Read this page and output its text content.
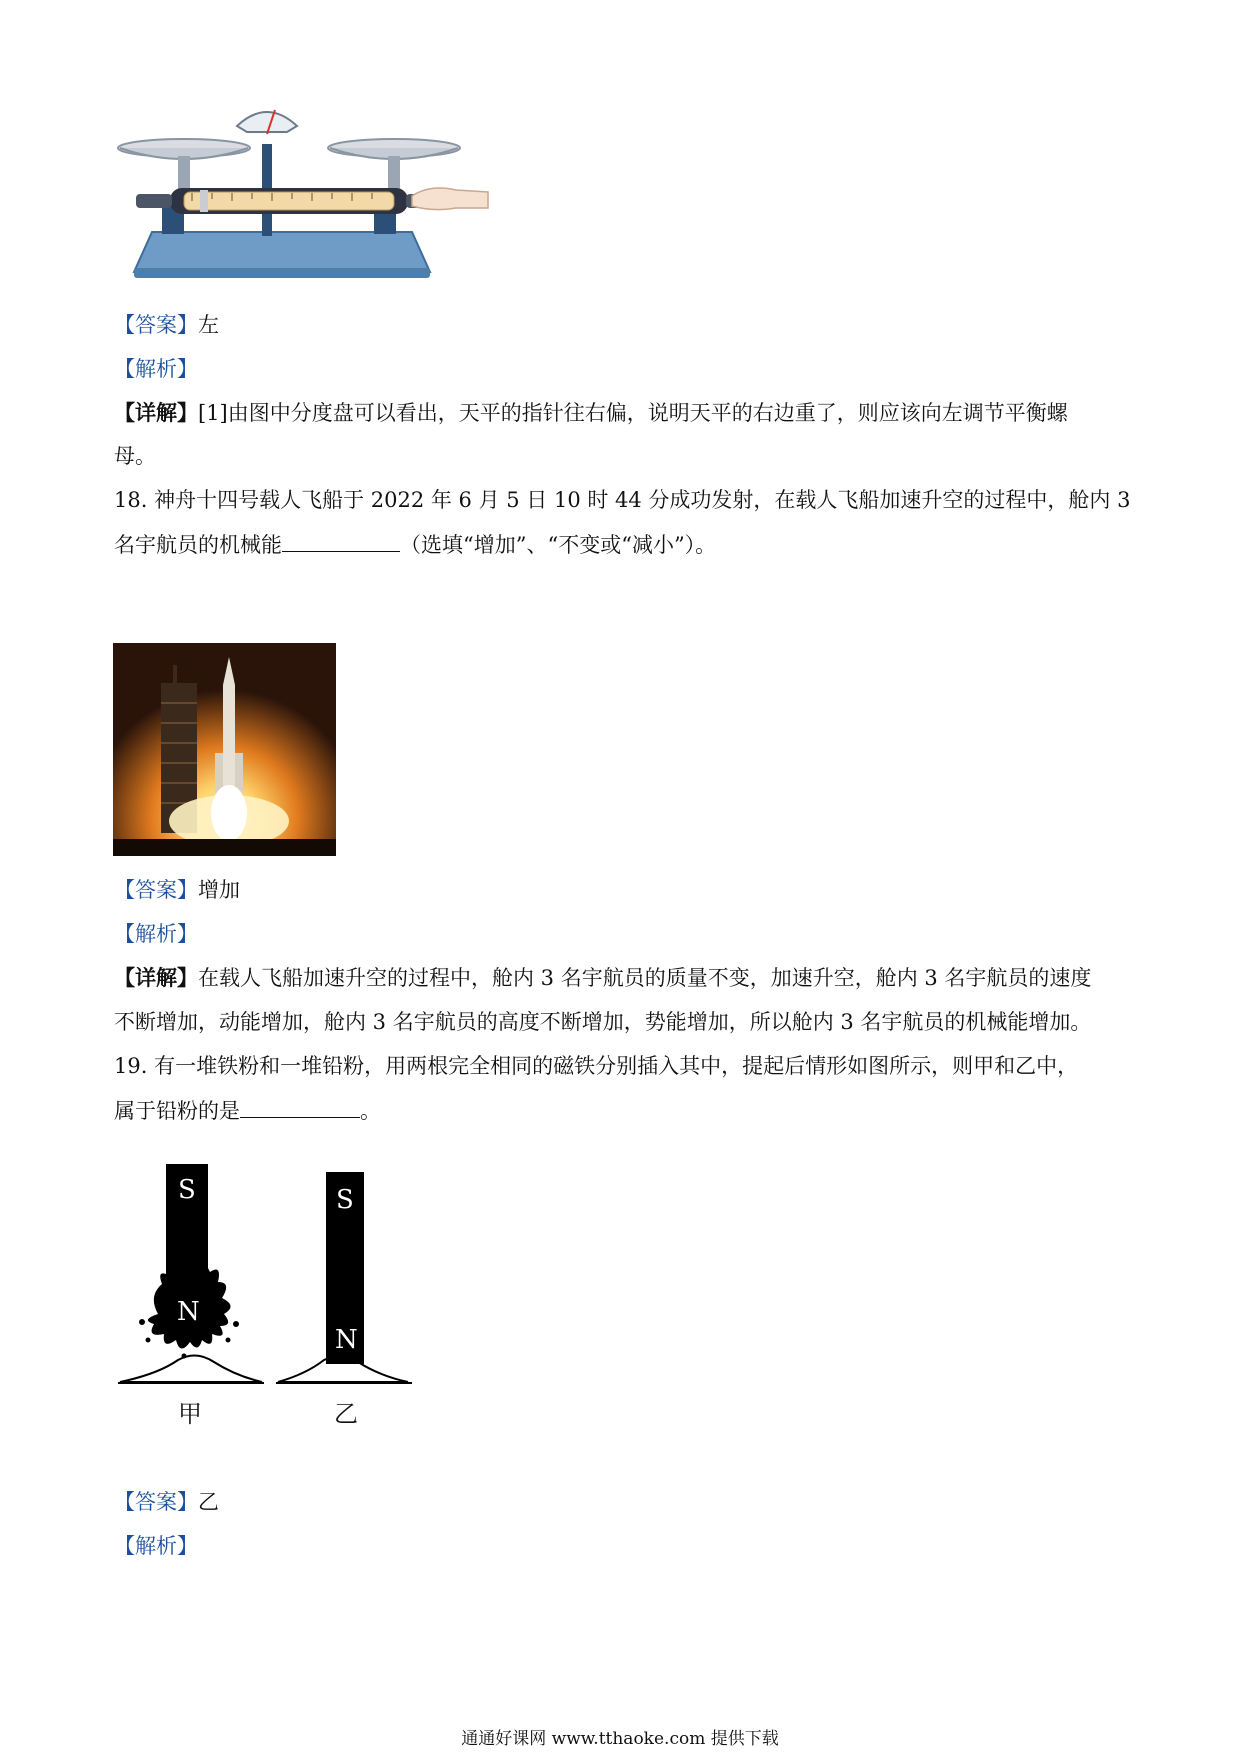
【答案】左
【解析】
【详解】[1]由图中分度盘可以看出，天平的指针往右偏，说明天平的右边重了，则应该向左调节平衡螺
母。
18. 神舟十四号载人飞船于 2022 年 6 月 5 日 10 时 44 分成功发射，在载人飞船加速升空的过程中，舱内 3
名宇航员的机械能	（选填“增加”、“不变或“减小”）。
【答案】增加
【解析】
【详解】在载人飞船加速升空的过程中，舱内 3 名宇航员的质量不变，加速升空，舱内 3 名宇航员的速度
不断增加，动能增加，舱内 3 名宇航员的高度不断增加，势能增加，所以舱内 3 名宇航员的机械能增加。
19. 有一堆铁粉和一堆铅粉，用两根完全相同的磁铁分别插入其中，提起后情形如图所示，则甲和乙中，
属于铅粉的是	。
S
N
S
N
甲	乙
【答案】乙
【解析】
通通好课网 www.tthaoke.com 提供下载
